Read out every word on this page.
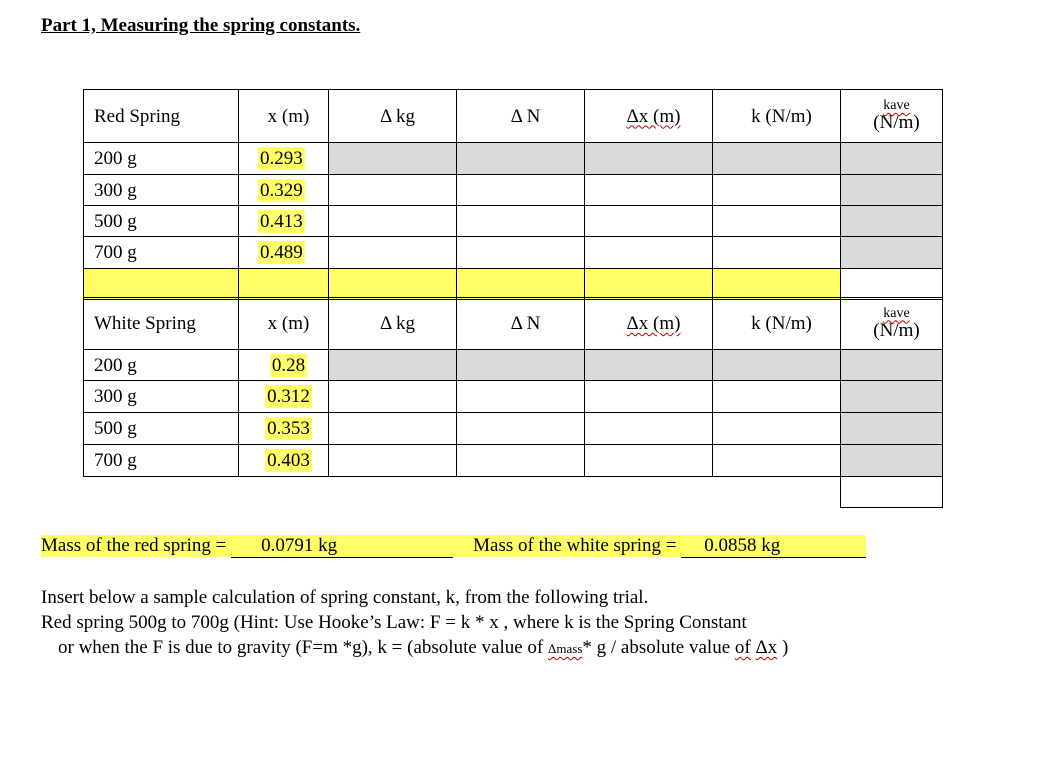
Part 1, Measuring the spring constants.
Red Spring	x (m)	Δ kg	Δ N	Δx (m)	k (N/m)	kave
(N/m)

200 g	0.293					
300 g	0.329					
500 g	0.413					
700 g	0.489					

White Spring	x (m)	Δ kg	Δ N	Δx (m)	k (N/m)	kave
(N/m)

200 g	0.28					
300 g	0.312					
500 g	0.353					
700 g	0.403					

Mass of the red spring = 0.0791 kg	Mass of the white spring = 0.0858 kg
Insert below a sample calculation of spring constant, k, from the following trial.
Red spring 500g to 700g (Hint: Use Hooke’s Law: F = k * x , where k is the Spring Constant
or when the F is due to gravity (F=m *g), k = (absolute value of Δmass* g / absolute value of Δx )
